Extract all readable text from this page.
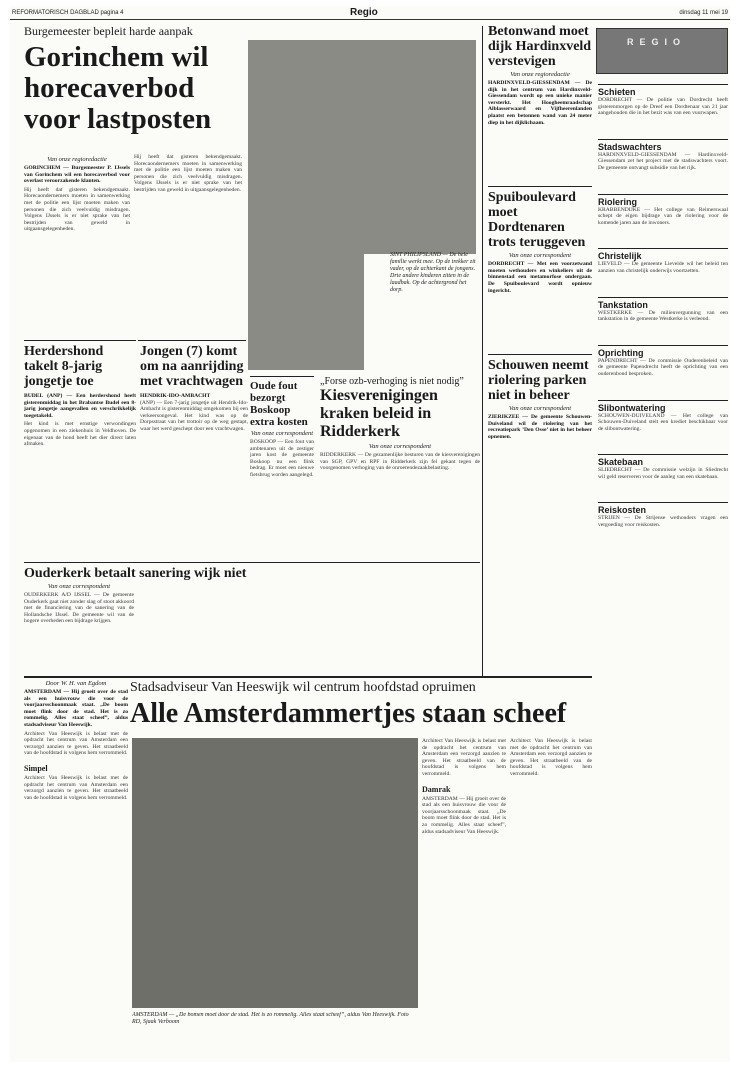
REFORMATORISCH DAGBLAD pagina 4	Regio	dinsdag 11 mei 19
Burgemeester bepleit harde aanpak
Gorinchem wil horecaverbod voor lastposten
Van onze regioredactie
GORINCHEM — Burgemeester P. IJssels van Gorinchem wil een horecaverbod voor overlast veroorzakende klanten.
Hij heeft dat gisteren bekendgemaakt. Horecaondernemers moeten in samenwerking met de politie een lijst moeten maken van personen die zich veelvuldig misdragen. Volgens IJssels is er niet sprake van het bestrijden van geweld in uitgaansgelegenheden.
Hij heeft dat gisteren bekendgemaakt. Horecaondernemers moeten in samenwerking met de politie een lijst moeten maken van personen die zich veelvuldig misdragen. Volgens IJssels is er niet sprake van het bestrijden van geweld in uitgaansgelegenheden.
SINT PHILIPSLAND — De hele familie werkt mee. Op de trekker zit vader, op de achterkant de jongens. Drie andere kinderen zitten in de laadbak. Op de achtergrond het dorp.
Herdershond takelt 8-jarig jongetje toe
BUDEL (ANP) — Een herdershond heeft gisterenmiddag in het Brabantse Budel een 8-jarig jongetje aangevallen en verschrikkelijk toegetakeld.
Het kind is met ernstige verwondingen opgenomen in een ziekenhuis in Veldhoven. De eigenaar van de hond heeft het dier direct laten afmaken.
Jongen (7) komt om na aanrijding met vrachtwagen
HENDRIK-IDO-AMBACHT
(ANP) — Een 7-jarig jongetje uit Hendrik-Ido-Ambacht is gisterenmiddag omgekomen bij een verkeersongeval. Het kind was op de Dorpsstraat van het trottoir op de weg gestapt, waar het werd geschept door een vrachtwagen.
Oude fout bezorgt Boskoop extra kosten
Van onze correspondent
BOSKOOP — Een fout van ambtenaren uit de zestiger jaren kost de gemeente Boskoop nu een flink bedrag. Er moet een nieuwe fietsbrug worden aangelegd.
„Forse ozb-verhoging is niet nodig”
Kiesverenigingen kraken beleid in Ridderkerk
Van onze correspondent
RIDDERKERK — De gezamenlijke besturen van de kiesverenigingen van SGP, GPV en RPF in Ridderkerk zijn fel gekant tegen de voorgenomen verhoging van de onroerendezaakbelasting.
Ouderkerk betaalt sanering wijk niet
Van onze correspondent
OUDERKERK A/D IJSSEL — De gemeente Ouderkerk gaat niet zonder slag of stoot akkoord met de financiering van de sanering van de Hollandsche IJssel. De gemeente wil van de hogere overheden een bijdrage krijgen.
Betonwand moet dijk Hardinxveld verstevigen
Van onze regioredactie
HARDINXVELD-GIESSENDAM — De dijk in het centrum van Hardinxveld-Giessendam wordt op een unieke manier versterkt. Het Hoogheemraadschap Alblasserwaard en Vijfheerenlanden plaatst een betonnen wand van 24 meter diep in het dijklichaam.
Spuiboulevard moet Dordtenaren trots teruggeven
Van onze correspondent
DORDRECHT — Met een voorzetwand moeten wethouders en winkeliers uit de binnenstad een metamorfose ondergaan. De Spuiboulevard wordt opnieuw ingericht.
Schouwen neemt riolering parken niet in beheer
Van onze correspondent
ZIERIKZEE — De gemeente Schouwen-Duiveland wil de riolering van het recreatiepark ’Den Osse’ niet in het beheer opnemen.
REGIO
Schieten
DORDRECHT — De politie van Dordrecht heeft gisterenmorgen op de Dreef een Dordtenaar van 21 jaar aangehouden die in het bezit was van een vuurwapen.
Stadswachters
HARDINXVELD-GIESSENDAM — Hardinxveld-Giessendam zet het project met de stadswachters voort. De gemeente ontvangt subsidie van het rijk.
Riolering
KRABBENDIJKE — Het college van Reimerswaal schept de eigen bijdrage van de riolering voor de komende jaren aan de inwoners.
Christelijk
LIEVELD — De gemeente Lievelde wil het beleid ten aanzien van christelijk onderwijs voortzetten.
Tankstation
WESTKERKE — De milieuvergunning van een tankstation in de gemeente Westkerke is verleend.
Oprichting
PAPENDRECHT — De commissie Ouderenbeleid van de gemeente Papendrecht heeft de oprichting van een ouderenbond besproken.
Slibontwatering
SCHOUWEN-DUIVELAND — Het college van Schouwen-Duiveland stelt een krediet beschikbaar voor de slibontwatering.
Skatebaan
SLIEDRECHT — De commissie welzijn in Sliedrecht wil geld reserveren voor de aanleg van een skatebaan.
Reiskosten
STRIJEN — De Strijense wethouders vragen een vergoeding voor reiskosten.
Stadsadviseur Van Heeswijk wil centrum hoofdstad opruimen
Alle Amsterdammertjes staan scheef
Door W. H. van Egdom
AMSTERDAM — Hij groeit over de stad als een huisvrouw die voor de voorjaarsschoonmaak staat. „De boom moet flink door de stad. Het is zo rommelig. Alles staat scheef”, aldus stadsadviseur Van Heeswijk.
Architect Van Heeswijk is belast met de opdracht het centrum van Amsterdam een verzorgd aanzien te geven. Het straatbeeld van de hoofdstad is volgens hem verrommeld.
Simpel
Architect Van Heeswijk is belast met de opdracht het centrum van Amsterdam een verzorgd aanzien te geven. Het straatbeeld van de hoofdstad is volgens hem verrommeld.
AMSTERDAM — „De bomen moet door de stad. Het is zo rommelig. Alles staat scheef”, aldus Van Heeswijk. Foto RD, Sjaak Verboom
Architect Van Heeswijk is belast met de opdracht het centrum van Amsterdam een verzorgd aanzien te geven. Het straatbeeld van de hoofdstad is volgens hem verrommeld.
Damrak
AMSTERDAM — Hij groeit over de stad als een huisvrouw die voor de voorjaarsschoonmaak staat. „De boom moet flink door de stad. Het is zo rommelig. Alles staat scheef”, aldus stadsadviseur Van Heeswijk.
Architect Van Heeswijk is belast met de opdracht het centrum van Amsterdam een verzorgd aanzien te geven. Het straatbeeld van de hoofdstad is volgens hem verrommeld.
